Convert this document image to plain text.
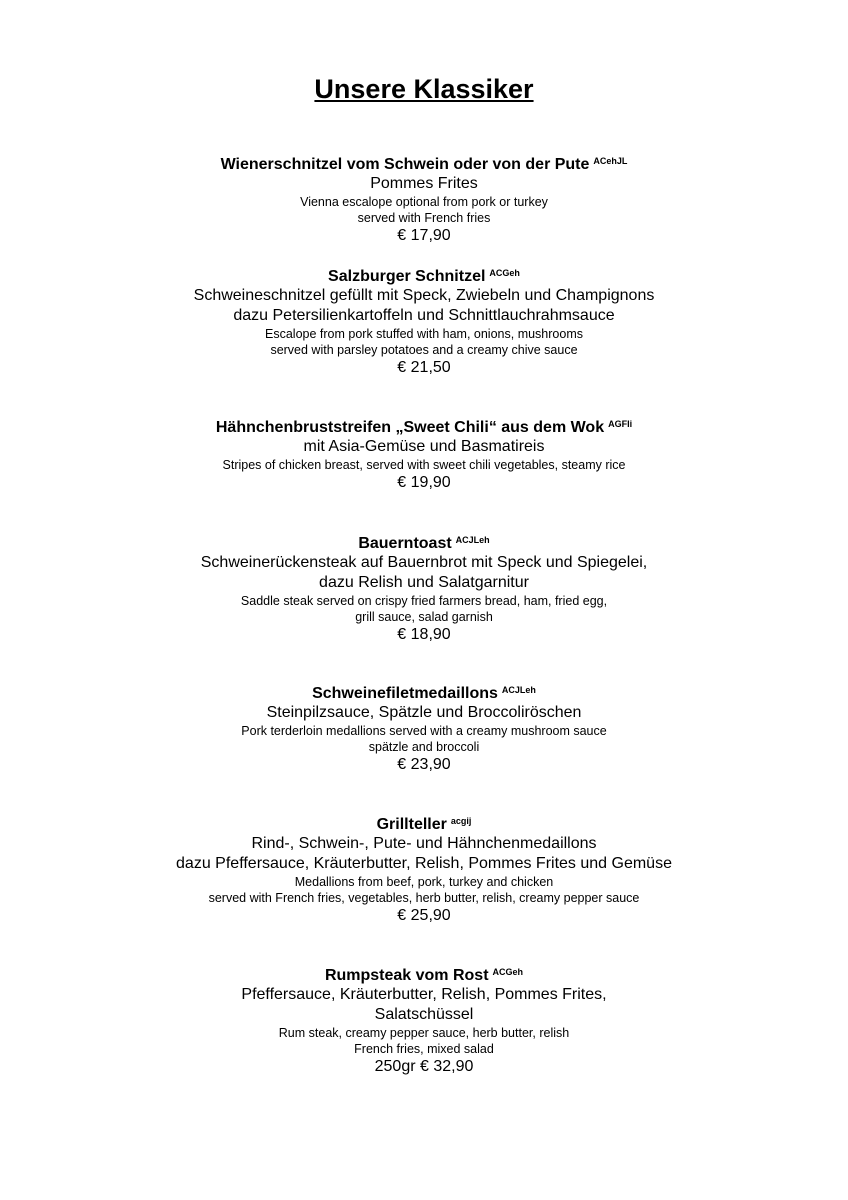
Unsere Klassiker
Wienerschnitzel vom Schwein oder von der Pute $^{ACehJL}$
Pommes Frites
Vienna escalope optional from pork or turkey
served with French fries
€ 17,90
Salzburger Schnitzel $^{ACGeh}$
Schweineschnitzel gefüllt mit Speck, Zwiebeln und Champignons
dazu Petersilienkartoffeln und Schnittlauchrahmsauce
Escalope from pork stuffed with ham, onions, mushrooms
served with parsley potatoes and a creamy chive sauce
€ 21,50
Hähnchenbruststreifen „Sweet Chili“ aus dem Wok $^{AGFIi}$
mit Asia-Gemüse und Basmatireis
Stripes of chicken breast, served with sweet chili vegetables, steamy rice
€ 19,90
Bauerntoast $^{ACJLeh}$
Schweinerückensteak auf Bauernbrot mit Speck und Spiegelei,
dazu Relish und Salatgarnitur
Saddle steak served on crispy fried farmers bread, ham, fried egg,
grill sauce, salad garnish
€ 18,90
Schweinefiletmedaillons $^{ACJLeh}$
Steinpilzsauce, Spätzle und Broccoliröschen
Pork terderloin medallions served with a creamy mushroom sauce
spätzle and broccoli
€ 23,90
Grillteller $^{acgij}$
Rind-, Schwein-, Pute- und Hähnchenmedaillons
dazu Pfeffersauce, Kräuterbutter, Relish, Pommes Frites und Gemüse
Medallions from beef, pork, turkey and chicken
served with French fries, vegetables, herb butter, relish, creamy pepper sauce
€ 25,90
Rumpsteak vom Rost $^{ACGeh}$
Pfeffersauce, Kräuterbutter, Relish, Pommes Frites,
Salatschüssel
Rum steak, creamy pepper sauce, herb butter, relish
French fries, mixed salad
250gr € 32,90
